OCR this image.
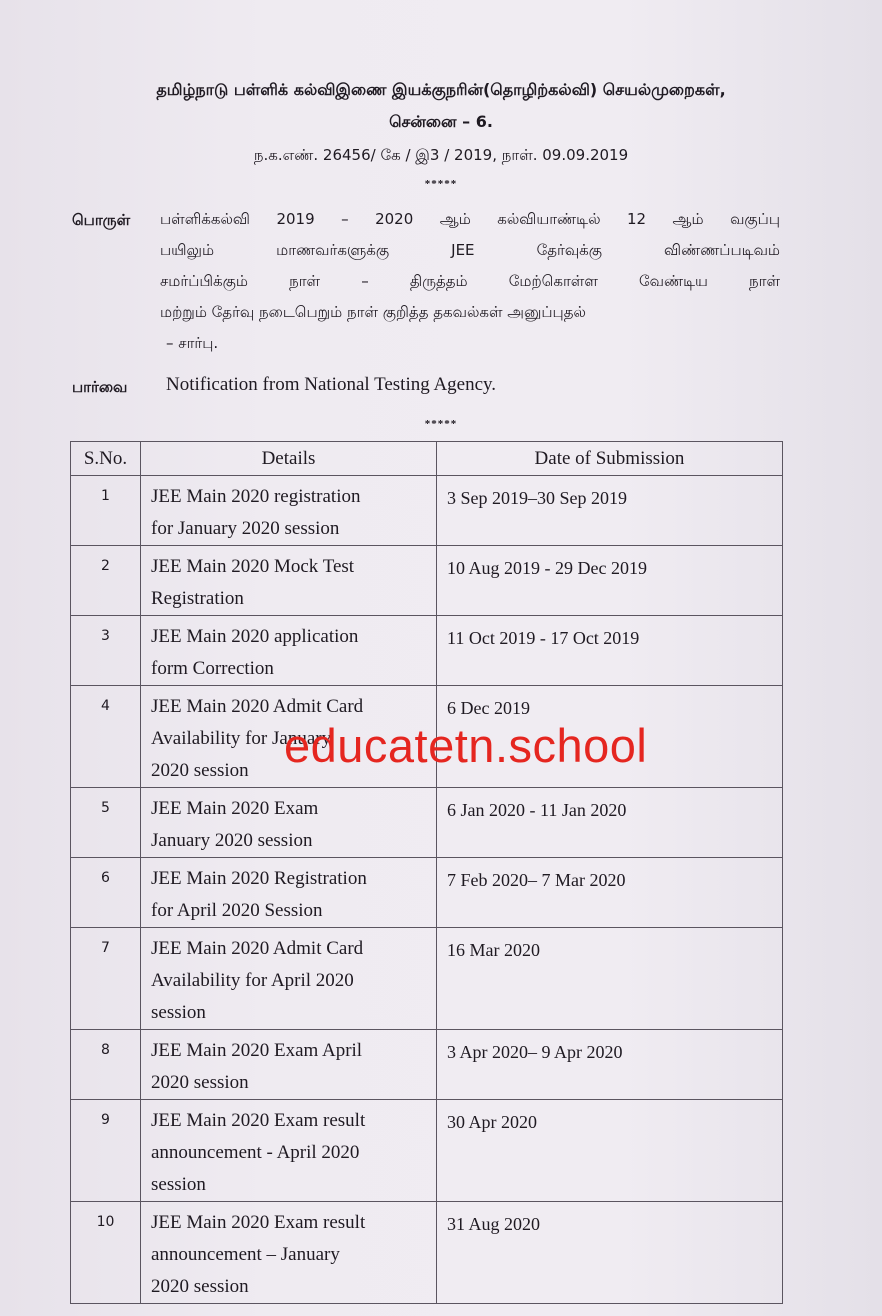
தமிழ்நாடு பள்ளிக் கல்விஇணை இயக்குநரின்(தொழிற்கல்வி) செயல்முறைகள்,
சென்னை – 6.
ந.க.எண். 26456/ கே / இ3 / 2019, நாள். 09.09.2019
*****
பொருள் பள்ளிக்கல்வி 2019 – 2020 ஆம் கல்வியாண்டில் 12 ஆம் வகுப்பு
பயிலும் மாணவர்களுக்கு JEE தேர்வுக்கு விண்ணப்படிவம்
சமர்ப்பிக்கும் நாள் – திருத்தம் மேற்கொள்ள வேண்டிய நாள்
மற்றும் தேர்வு நடைபெறும் நாள் குறித்த தகவல்கள் அனுப்புதல்
– சார்பு.
பார்வை Notification from National Testing Agency.
*****
S.No.	Details	Date of Submission
1	JEE Main 2020 registration
for January 2020 session	3 Sep 2019–30 Sep 2019
2	JEE Main 2020 Mock Test
Registration	10 Aug 2019 - 29 Dec 2019
3	JEE Main 2020 application
form Correction	11 Oct 2019 - 17 Oct 2019
4	JEE Main 2020 Admit Card
Availability for January
2020 session	6 Dec 2019
5	JEE Main 2020 Exam
January 2020 session	6 Jan 2020 - 11 Jan 2020
6	JEE Main 2020 Registration
for April 2020 Session	7 Feb 2020– 7 Mar 2020
7	JEE Main 2020 Admit Card
Availability for April 2020
session	16 Mar 2020
8	JEE Main 2020 Exam April
2020 session	3 Apr 2020– 9 Apr 2020
9	JEE Main 2020 Exam result
announcement - April 2020
session	30 Apr 2020
10	JEE Main 2020 Exam result
announcement – January
2020 session	31 Aug 2020
educatetn.school
